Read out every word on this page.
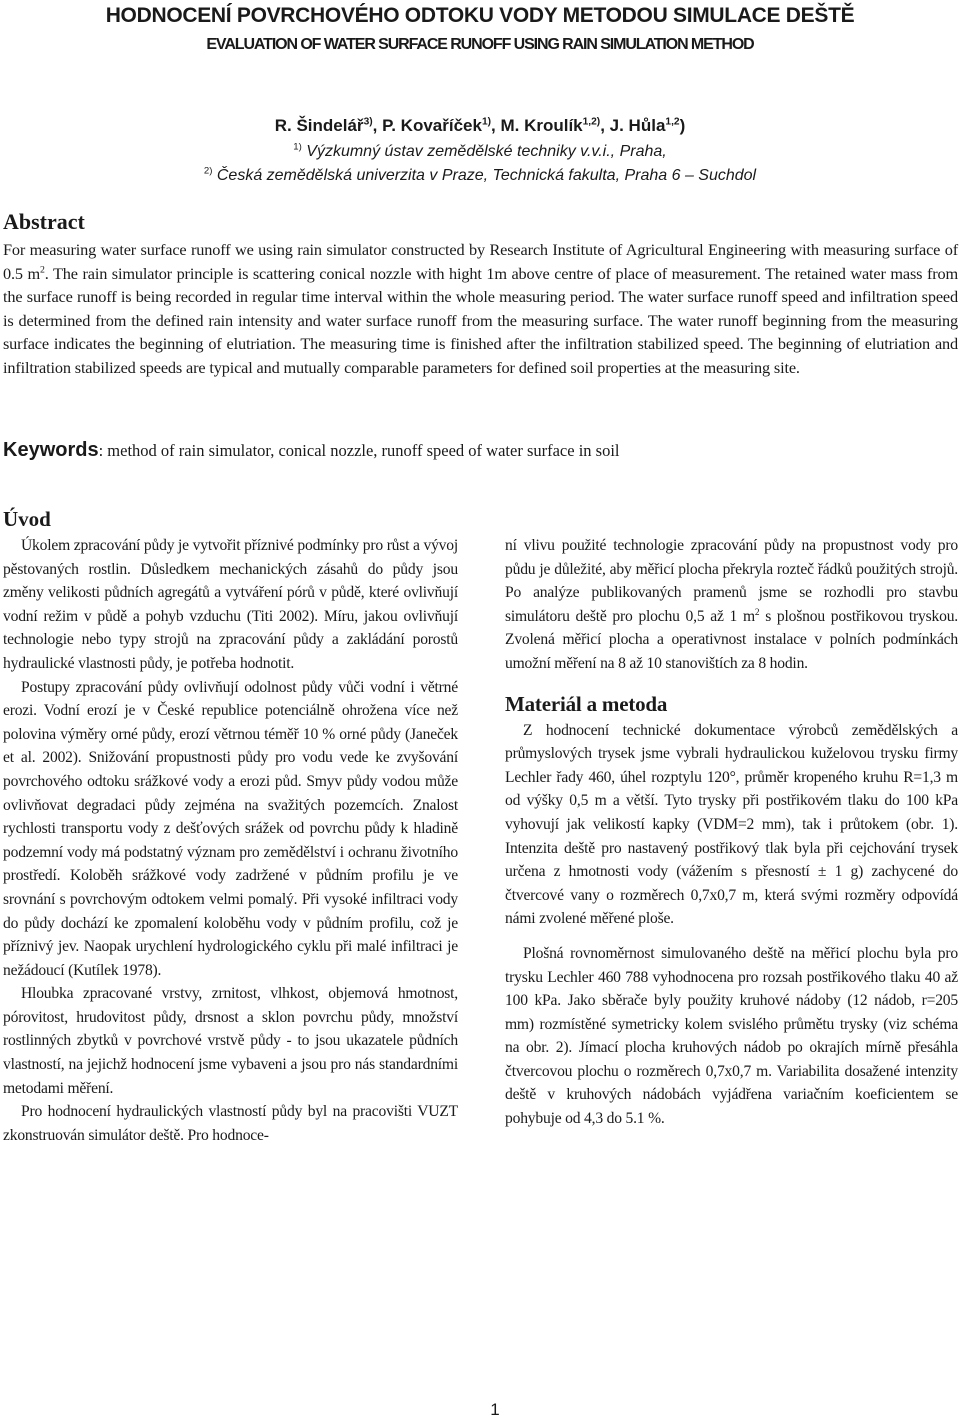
HODNOCENÍ POVRCHOVÉHO ODTOKU VODY METODOU SIMULACE DEŠTĚ
EVALUATION OF WATER SURFACE RUNOFF USING RAIN SIMULATION METHOD
R. Šindelář$^{3)}$, P. Kovaříček$^{1)}$, M. Kroulík$^{1,2)}$, J. Hůla$^{1,2}$)
$^{1)}$ Výzkumný ústav zemědělské techniky v.v.i., Praha,
$^{2)}$ Česká zemědělská univerzita v Praze, Technická fakulta, Praha 6 – Suchdol
Abstract
For measuring water surface runoff we using rain simulator constructed by Research Institute of Agricultural Engineering with measuring surface of 0.5 $m^2$. The rain simulator principle is scattering conical nozzle with hight 1m above centre of place of measurement. The retained water mass from the surface runoff is being recorded in regular time interval within the whole measuring period. The water surface runoff speed and infiltration speed is determined from the defined rain intensity and water surface runoff from the measuring surface. The water runoff beginning from the measuring surface indicates the beginning of elutriation. The measuring time is finished after the infiltration stabilized speed. The beginning of elutriation and infiltration stabilized speeds are typical and mutually comparable parameters for defined soil properties at the measuring site.
Keywords: method of rain simulator, conical nozzle, runoff speed of water surface in soil
Úvod

Úkolem zpracování půdy je vytvořit příznivé podmínky pro růst a vývoj pěstovaných rostlin. Důsledkem mechanických zásahů do půdy jsou změny velikosti půdních agregátů a vytváření pórů v půdě, které ovlivňují vodní režim v půdě a pohyb vzduchu (Titi 2002). Míru, jakou ovlivňují technologie nebo typy strojů na zpracování půdy a zakládání porostů hydraulické vlastnosti půdy, je potřeba hodnotit.

Postupy zpracování půdy ovlivňují odolnost půdy vůči vodní i větrné erozi. Vodní erozí je v České republice potenciálně ohrožena více než polovina výměry orné půdy, erozí větrnou téměř 10 % orné půdy (Janeček et al. 2002). Snižování propustnosti půdy pro vodu vede ke zvyšování povrchového odtoku srážkové vody a erozi půd. Smyv půdy vodou může ovlivňovat degradaci půdy zejména na svažitých pozemcích. Znalost rychlosti transportu vody z dešťových srážek od povrchu půdy k hladině podzemní vody má podstatný význam pro zemědělství i ochranu životního prostředí. Koloběh srážkové vody zadržené v půdním profilu je ve srovnání s povrchovým odtokem velmi pomalý. Při vysoké infiltraci vody do půdy dochází ke zpomalení koloběhu vody v půdním profilu, což je příznivý jev. Naopak urychlení hydrologického cyklu při malé infiltraci je nežádoucí (Kutílek 1978).

Hloubka zpracované vrstvy, zrnitost, vlhkost, objemová hmotnost, pórovitost, hrudovitost půdy, drsnost a sklon povrchu půdy, množství rostlinných zbytků v povrchové vrstvě půdy - to jsou ukazatele půdních vlastností, na jejichž hodnocení jsme vybaveni a jsou pro nás standardními metodami měření.

Pro hodnocení hydraulických vlastností půdy byl na pracovišti VUZT zkonstruován simulátor deště. Pro hodnoce-

ní vlivu použité technologie zpracování půdy na propustnost vody pro půdu je důležité, aby měřicí plocha překryla rozteč řádků použitých strojů. Po analýze publikovaných pramenů jsme se rozhodli pro stavbu simulátoru deště pro plochu 0,5 až 1 $m^2$ s plošnou postřikovou tryskou. Zvolená měřicí plocha a operativnost instalace v polních podmínkách umožní měření na 8 až 10 stanovištích za 8 hodin.

Materiál a metoda

Z hodnocení technické dokumentace výrobců zemědělských a průmyslových trysek jsme vybrali hydraulickou kuželovou trysku firmy Lechler řady 460, úhel rozptylu 120°, průměr kropeného kruhu R=1,3 m od výšky 0,5 m a větší. Tyto trysky při postřikovém tlaku do 100 kPa vyhovují jak velikostí kapky (VDM=2 mm), tak i průtokem (obr. 1). Intenzita deště pro nastavený postřikový tlak byla při cejchování trysek určena z hmotnosti vody (vážením s přesností ± 1 g) zachycené do čtvercové vany o rozměrech 0,7x0,7 m, která svými rozměry odpovídá námi zvolené měřené ploše.

Plošná rovnoměrnost simulovaného deště na měřicí plochu byla pro trysku Lechler 460 788 vyhodnocena pro rozsah postřikového tlaku 40 až 100 kPa. Jako sběrače byly použity kruhové nádoby (12 nádob, r=205 mm) rozmístěné symetricky kolem svislého průmětu trysky (viz schéma na obr. 2). Jímací plocha kruhových nádob po okrajích mírně přesáhla čtvercovou plochu o rozměrech 0,7x0,7 m. Variabilita dosažené intenzity deště v kruhových nádobách vyjádřena variačním koeficientem se pohybuje od 4,3 do 5.1 %.

1
